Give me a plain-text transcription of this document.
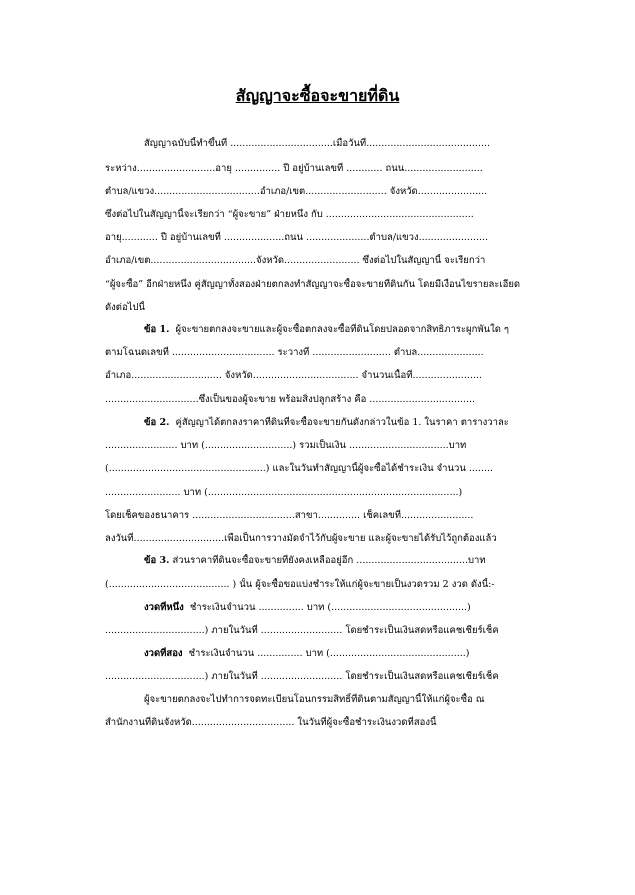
สัญญาจะซื้อจะขายที่ดิน
สัญญาฉบับนี้ทำขึ้นที่ ..................................เมื่อวันที่.........................................
ระหว่าง..........................อายุ ............... ปี อยู่บ้านเลขที่ ............ ถนน..........................
ตำบล/แขวง...................................อำเภอ/เขต........................... จังหวัด.......................
ซึ่งต่อไปในสัญญานี้จะเรียกว่า “ผู้จะขาย” ฝ่ายหนึ่ง กับ .................................................
อายุ............ ปี อยู่บ้านเลขที่ ....................ถนน .....................ตำบล/แขวง.......................
อำเภอ/เขต...................................จังหวัด......................... ซึ่งต่อไปในสัญญานี้ จะเรียกว่า
“ผู้จะซื้อ” อีกฝ่ายหนึ่ง คู่สัญญาทั้งสองฝ่ายตกลงทำสัญญาจะซื้อจะขายที่ดินกัน โดยมีเงื่อนไขรายละเอียด
ดังต่อไปนี้
ข้อ 1. ผู้จะขายตกลงจะขายและผู้จะซื้อตกลงจะซื้อที่ดินโดยปลอดจากสิทธิภาระผูกพันใด ๆ
ตามโฉนดเลขที่ .................................. ระวางที่ .......................... ตำบล......................
อำเภอ.............................. จังหวัด................................... จำนวนเนื้อที่.......................
...............................ซึ่งเป็นของผู้จะขาย พร้อมสิ่งปลูกสร้าง คือ ...................................
ข้อ 2. คู่สัญญาได้ตกลงราคาที่ดินที่จะซื้อจะขายกันดังกล่าวในข้อ 1. ในราคา ตารางวาละ
........................ บาท (.............................) รวมเป็นเงิน .................................บาท
(....................................................) และในวันทำสัญญานี้ผู้จะซื้อได้ชำระเงิน จำนวน ........
......................... บาท (...................................................................................)
โดยเช็คของธนาคาร ..................................สาขา.............. เช็คเลขที่........................
ลงวันที่..............................เพื่อเป็นการวางมัดจำไว้กับผู้จะขาย และผู้จะขายได้รับไว้ถูกต้องแล้ว
ข้อ 3. ส่วนราคาที่ดินจะซื้อจะขายที่ยังคงเหลืออยู่อีก .....................................บาท
(........................................ ) นั้น ผู้จะซื้อขอแบ่งชำระให้แก่ผู้จะขายเป็นงวดรวม 2 งวด ดังนี้:-
งวดที่หนึ่ง ชำระเงินจำนวน ............... บาท (.............................................)
.................................) ภายในวันที่ ........................... โดยชำระเป็นเงินสดหรือแคชเชียร์เช็ค
งวดที่สอง ชำระเงินจำนวน ............... บาท (.............................................)
.................................) ภายในวันที่ ........................... โดยชำระเป็นเงินสดหรือแคชเชียร์เช็ค
ผู้จะขายตกลงจะไปทำการจดทะเบียนโอนกรรมสิทธิ์ที่ดินตามสัญญานี้ให้แก่ผู้จะซื้อ ณ
สำนักงานที่ดินจังหวัด.................................. ในวันที่ผู้จะซื้อชำระเงินงวดที่สองนี้
